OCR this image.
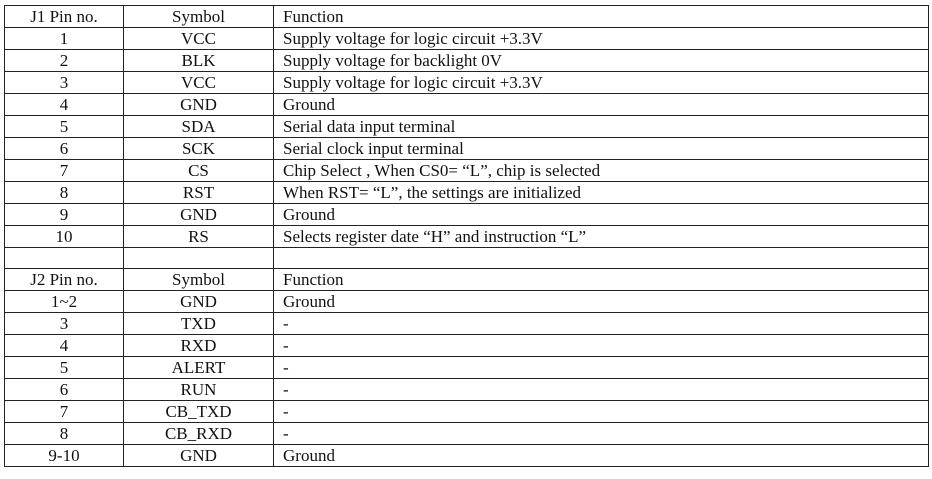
J1 Pin no.	Symbol	Function
1	VCC	Supply voltage for logic circuit +3.3V
2	BLK	Supply voltage for backlight 0V
3	VCC	Supply voltage for logic circuit +3.3V
4	GND	Ground
5	SDA	Serial data input terminal
6	SCK	Serial clock input terminal
7	CS	Chip Select , When CS0= “L”, chip is selected
8	RST	When RST= “L”, the settings are initialized
9	GND	Ground
10	RS	Selects register date “H” and instruction “L”

J2 Pin no.	Symbol	Function
1~2	GND	Ground
3	TXD	-
4	RXD	-
5	ALERT	-
6	RUN	-
7	CB_TXD	-
8	CB_RXD	-
9-10	GND	Ground
